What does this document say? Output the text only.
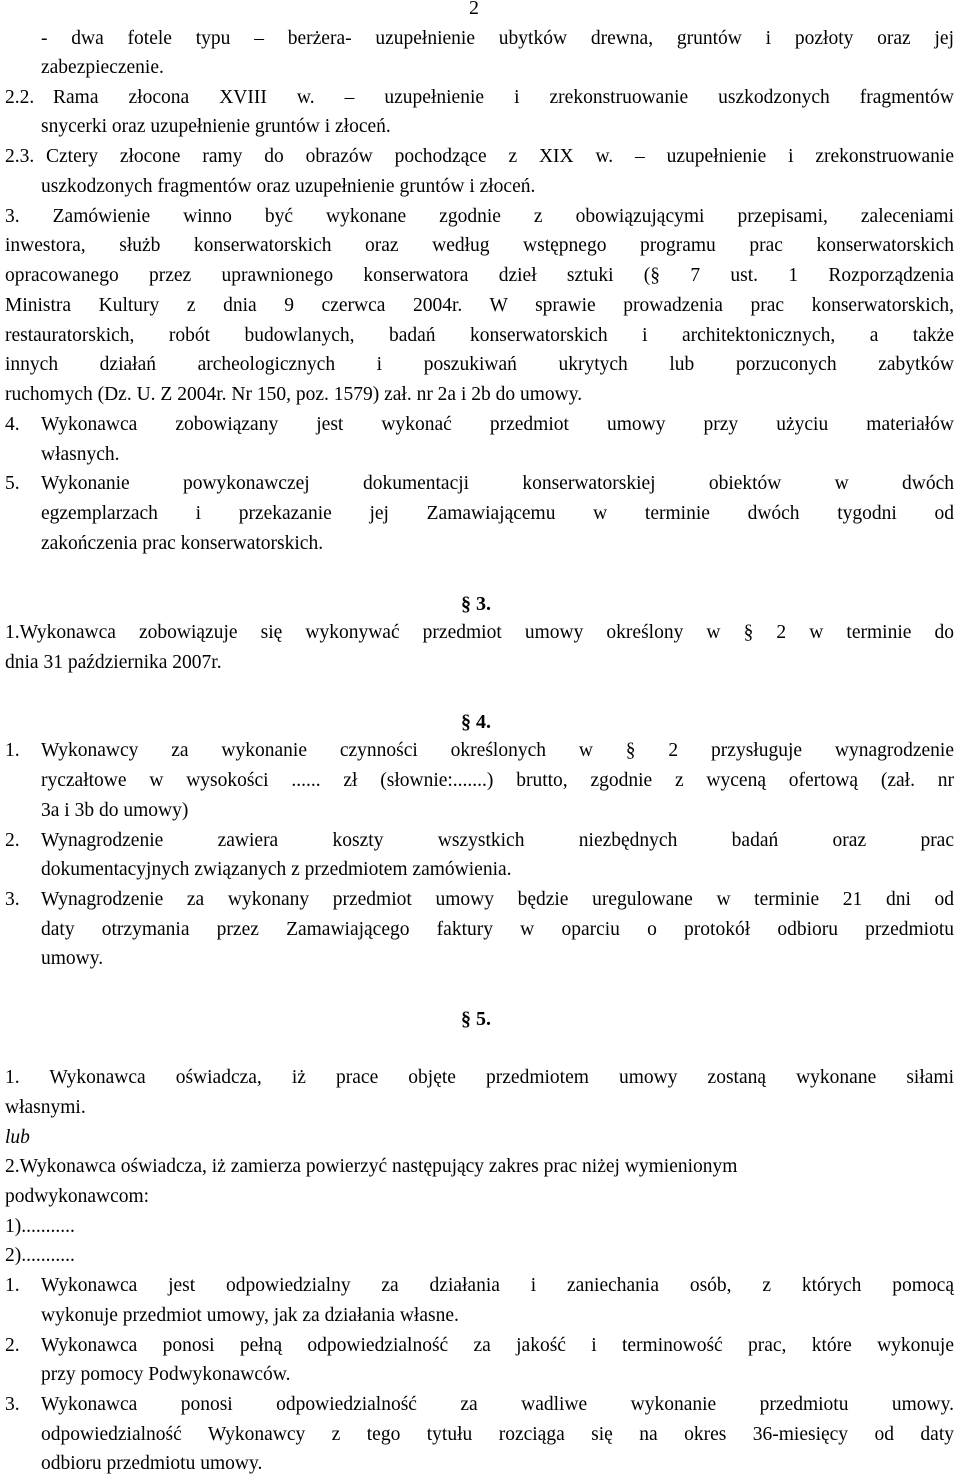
2
- dwa fotele typu – berżera- uzupełnienie ubytków drewna, gruntów i pozłoty oraz jej
zabezpieczenie.
2.2. Rama złocona XVIII w. – uzupełnienie i zrekonstruowanie uszkodzonych fragmentów
snycerki oraz uzupełnienie gruntów i złoceń.
2.3. Cztery złocone ramy do obrazów pochodzące z XIX w. – uzupełnienie i zrekonstruowanie
uszkodzonych fragmentów oraz uzupełnienie gruntów i złoceń.
3. Zamówienie winno być wykonane zgodnie z obowiązującymi przepisami, zaleceniami
inwestora, służb konserwatorskich oraz według wstępnego programu prac konserwatorskich
opracowanego przez uprawnionego konserwatora dzieł sztuki (§ 7 ust. 1 Rozporządzenia
Ministra Kultury z dnia 9 czerwca 2004r. W sprawie prowadzenia prac konserwatorskich,
restauratorskich, robót budowlanych, badań konserwatorskich i architektonicznych, a także
innych działań archeologicznych i poszukiwań ukrytych lub porzuconych zabytków
ruchomych (Dz. U. Z 2004r. Nr 150, poz. 1579) zał. nr 2a i 2b do umowy.
4.	Wykonawca zobowiązany jest wykonać przedmiot umowy przy użyciu materiałów
własnych.
5.	Wykonanie powykonawczej dokumentacji konserwatorskiej obiektów w dwóch
egzemplarzach i przekazanie jej Zamawiającemu w terminie dwóch tygodni od
zakończenia prac konserwatorskich.
§ 3.
1.Wykonawca zobowiązuje się wykonywać przedmiot umowy określony w § 2 w terminie do
dnia 31 października 2007r.
§ 4.
1.	Wykonawcy za wykonanie czynności określonych w § 2 przysługuje wynagrodzenie
ryczałtowe w wysokości ...... zł (słownie:.......) brutto, zgodnie z wyceną ofertową (zał. nr
3a i 3b do umowy)
2.	Wynagrodzenie zawiera koszty wszystkich niezbędnych badań oraz prac
dokumentacyjnych związanych z przedmiotem zamówienia.
3.	Wynagrodzenie za wykonany przedmiot umowy będzie uregulowane w terminie 21 dni od
daty otrzymania przez Zamawiającego faktury w oparciu o protokół odbioru przedmiotu
umowy.
§ 5.
1. Wykonawca oświadcza, iż prace objęte przedmiotem umowy zostaną wykonane siłami
własnymi.
lub
2.Wykonawca oświadcza, iż zamierza powierzyć następujący zakres prac niżej wymienionym
podwykonawcom:
1)...........
2)...........
1.	Wykonawca jest odpowiedzialny za działania i zaniechania osób, z których pomocą
wykonuje przedmiot umowy, jak za działania własne.
2.	Wykonawca ponosi pełną odpowiedzialność za jakość i terminowość prac, które wykonuje
przy pomocy Podwykonawców.
3.	Wykonawca ponosi odpowiedzialność za wadliwe wykonanie przedmiotu umowy.
odpowiedzialność Wykonawcy z tego tytułu rozciąga się na okres 36-miesięcy od daty
odbioru przedmiotu umowy.
